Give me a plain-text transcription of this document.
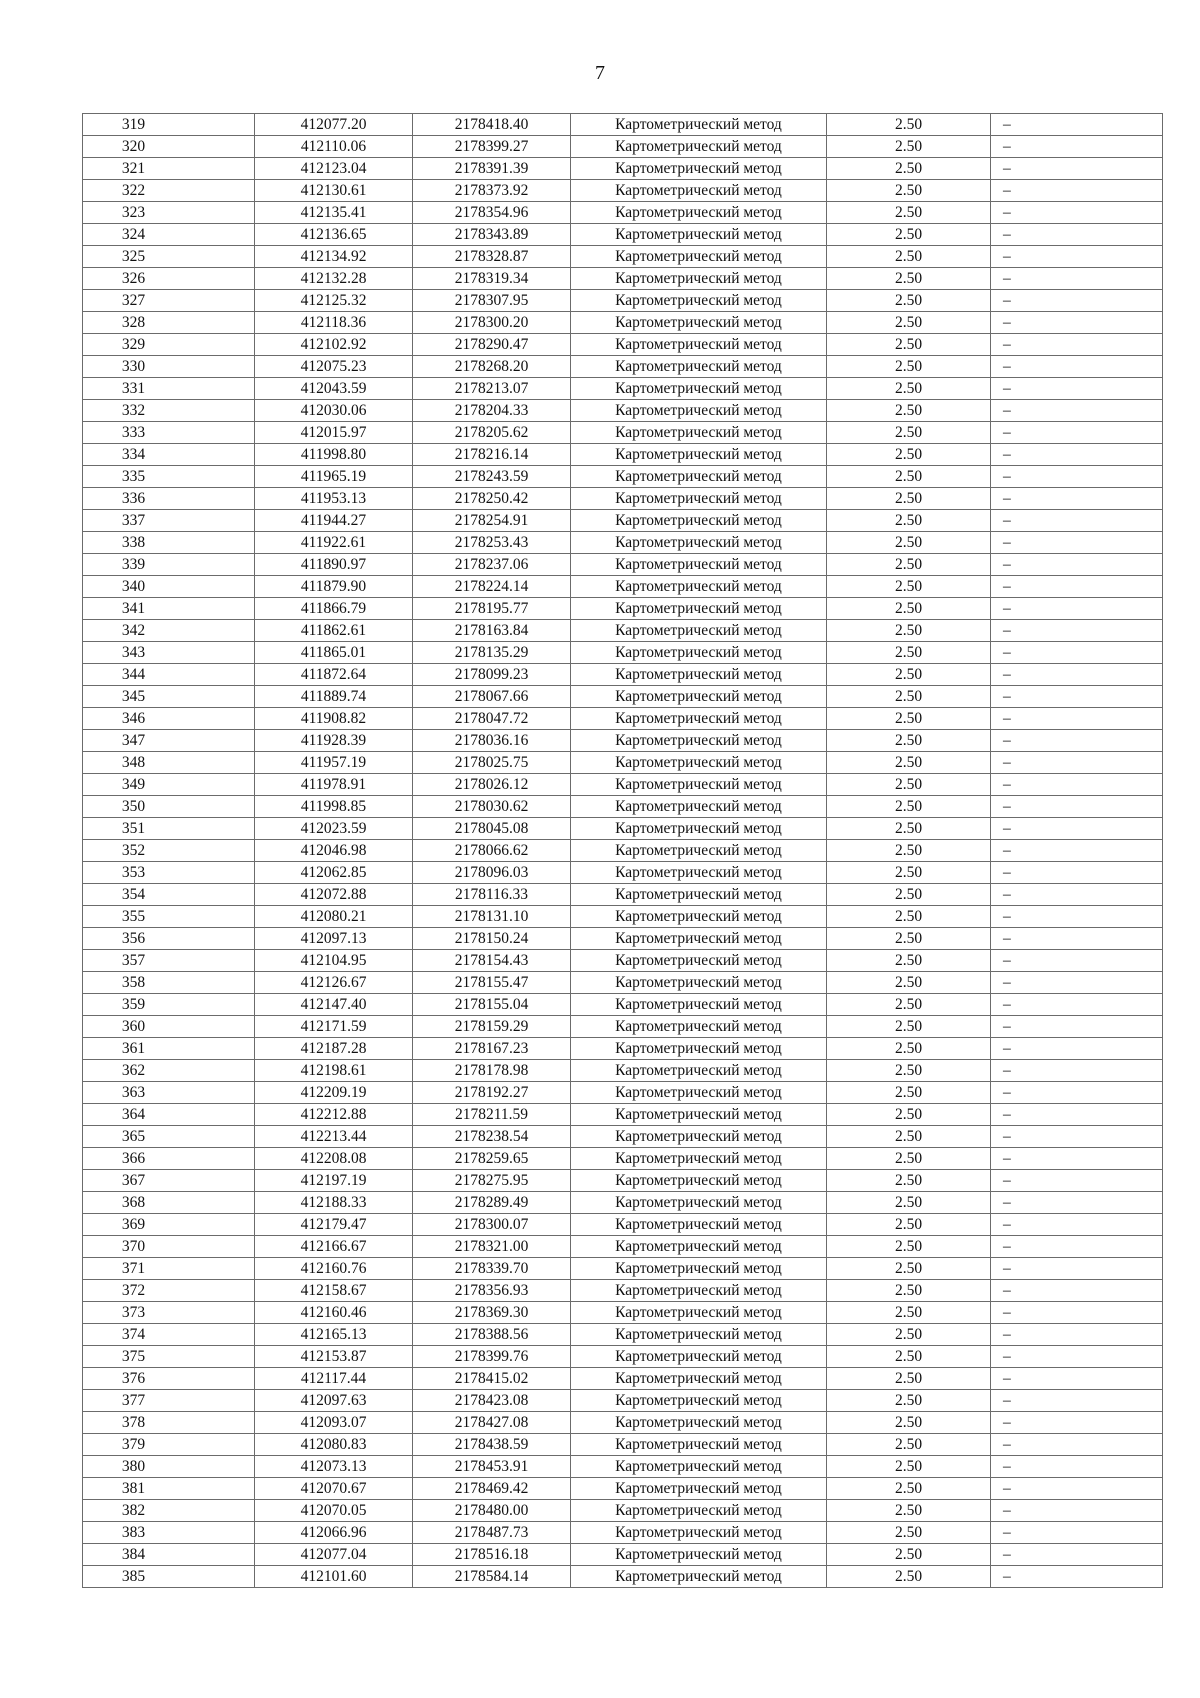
7
319	412077.20	2178418.40	Картометрический метод	2.50	–
320	412110.06	2178399.27	Картометрический метод	2.50	–
321	412123.04	2178391.39	Картометрический метод	2.50	–
322	412130.61	2178373.92	Картометрический метод	2.50	–
323	412135.41	2178354.96	Картометрический метод	2.50	–
324	412136.65	2178343.89	Картометрический метод	2.50	–
325	412134.92	2178328.87	Картометрический метод	2.50	–
326	412132.28	2178319.34	Картометрический метод	2.50	–
327	412125.32	2178307.95	Картометрический метод	2.50	–
328	412118.36	2178300.20	Картометрический метод	2.50	–
329	412102.92	2178290.47	Картометрический метод	2.50	–
330	412075.23	2178268.20	Картометрический метод	2.50	–
331	412043.59	2178213.07	Картометрический метод	2.50	–
332	412030.06	2178204.33	Картометрический метод	2.50	–
333	412015.97	2178205.62	Картометрический метод	2.50	–
334	411998.80	2178216.14	Картометрический метод	2.50	–
335	411965.19	2178243.59	Картометрический метод	2.50	–
336	411953.13	2178250.42	Картометрический метод	2.50	–
337	411944.27	2178254.91	Картометрический метод	2.50	–
338	411922.61	2178253.43	Картометрический метод	2.50	–
339	411890.97	2178237.06	Картометрический метод	2.50	–
340	411879.90	2178224.14	Картометрический метод	2.50	–
341	411866.79	2178195.77	Картометрический метод	2.50	–
342	411862.61	2178163.84	Картометрический метод	2.50	–
343	411865.01	2178135.29	Картометрический метод	2.50	–
344	411872.64	2178099.23	Картометрический метод	2.50	–
345	411889.74	2178067.66	Картометрический метод	2.50	–
346	411908.82	2178047.72	Картометрический метод	2.50	–
347	411928.39	2178036.16	Картометрический метод	2.50	–
348	411957.19	2178025.75	Картометрический метод	2.50	–
349	411978.91	2178026.12	Картометрический метод	2.50	–
350	411998.85	2178030.62	Картометрический метод	2.50	–
351	412023.59	2178045.08	Картометрический метод	2.50	–
352	412046.98	2178066.62	Картометрический метод	2.50	–
353	412062.85	2178096.03	Картометрический метод	2.50	–
354	412072.88	2178116.33	Картометрический метод	2.50	–
355	412080.21	2178131.10	Картометрический метод	2.50	–
356	412097.13	2178150.24	Картометрический метод	2.50	–
357	412104.95	2178154.43	Картометрический метод	2.50	–
358	412126.67	2178155.47	Картометрический метод	2.50	–
359	412147.40	2178155.04	Картометрический метод	2.50	–
360	412171.59	2178159.29	Картометрический метод	2.50	–
361	412187.28	2178167.23	Картометрический метод	2.50	–
362	412198.61	2178178.98	Картометрический метод	2.50	–
363	412209.19	2178192.27	Картометрический метод	2.50	–
364	412212.88	2178211.59	Картометрический метод	2.50	–
365	412213.44	2178238.54	Картометрический метод	2.50	–
366	412208.08	2178259.65	Картометрический метод	2.50	–
367	412197.19	2178275.95	Картометрический метод	2.50	–
368	412188.33	2178289.49	Картометрический метод	2.50	–
369	412179.47	2178300.07	Картометрический метод	2.50	–
370	412166.67	2178321.00	Картометрический метод	2.50	–
371	412160.76	2178339.70	Картометрический метод	2.50	–
372	412158.67	2178356.93	Картометрический метод	2.50	–
373	412160.46	2178369.30	Картометрический метод	2.50	–
374	412165.13	2178388.56	Картометрический метод	2.50	–
375	412153.87	2178399.76	Картометрический метод	2.50	–
376	412117.44	2178415.02	Картометрический метод	2.50	–
377	412097.63	2178423.08	Картометрический метод	2.50	–
378	412093.07	2178427.08	Картометрический метод	2.50	–
379	412080.83	2178438.59	Картометрический метод	2.50	–
380	412073.13	2178453.91	Картометрический метод	2.50	–
381	412070.67	2178469.42	Картометрический метод	2.50	–
382	412070.05	2178480.00	Картометрический метод	2.50	–
383	412066.96	2178487.73	Картометрический метод	2.50	–
384	412077.04	2178516.18	Картометрический метод	2.50	–
385	412101.60	2178584.14	Картометрический метод	2.50	–
